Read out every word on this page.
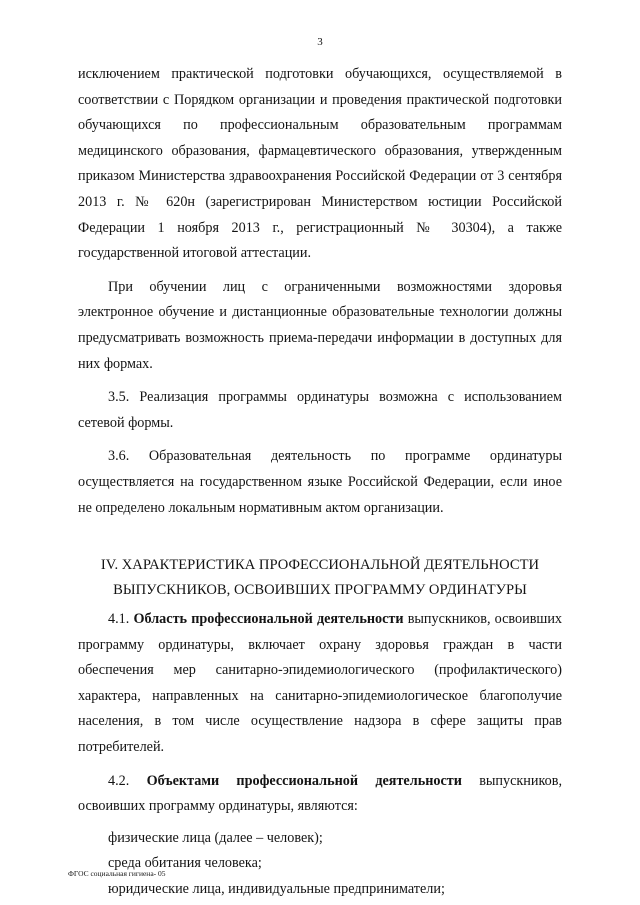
3

исключением практической подготовки обучающихся, осуществляемой в соответствии с Порядком организации и проведения практической подготовки обучающихся по профессиональным образовательным программам медицинского образования, фармацевтического образования, утвержденным приказом Министерства здравоохранения Российской Федерации от 3 сентября 2013 г. № 620н (зарегистрирован Министерством юстиции Российской Федерации 1 ноября 2013 г., регистрационный № 30304), а также государственной итоговой аттестации.

При обучении лиц с ограниченными возможностями здоровья электронное обучение и дистанционные образовательные технологии должны предусматривать возможность приема-передачи информации в доступных для них формах.

3.5. Реализация программы ординатуры возможна с использованием сетевой формы.

3.6. Образовательная деятельность по программе ординатуры осуществляется на государственном языке Российской Федерации, если иное не определено локальным нормативным актом организации.

IV. ХАРАКТЕРИСТИКА ПРОФЕССИОНАЛЬНОЙ ДЕЯТЕЛЬНОСТИ
ВЫПУСКНИКОВ, ОСВОИВШИХ ПРОГРАММУ ОРДИНАТУРЫ

4.1. Область профессиональной деятельности выпускников, освоивших программу ординатуры, включает охрану здоровья граждан в части обеспечения мер санитарно-эпидемиологического (профилактического) характера, направленных на санитарно-эпидемиологическое благополучие населения, в том числе осуществление надзора в сфере защиты прав потребителей.

4.2. Объектами профессиональной деятельности выпускников, освоивших программу ординатуры, являются:

физические лица (далее – человек);

среда обитания человека;

юридические лица, индивидуальные предприниматели;

ФГОС социальная гигиена- 05
